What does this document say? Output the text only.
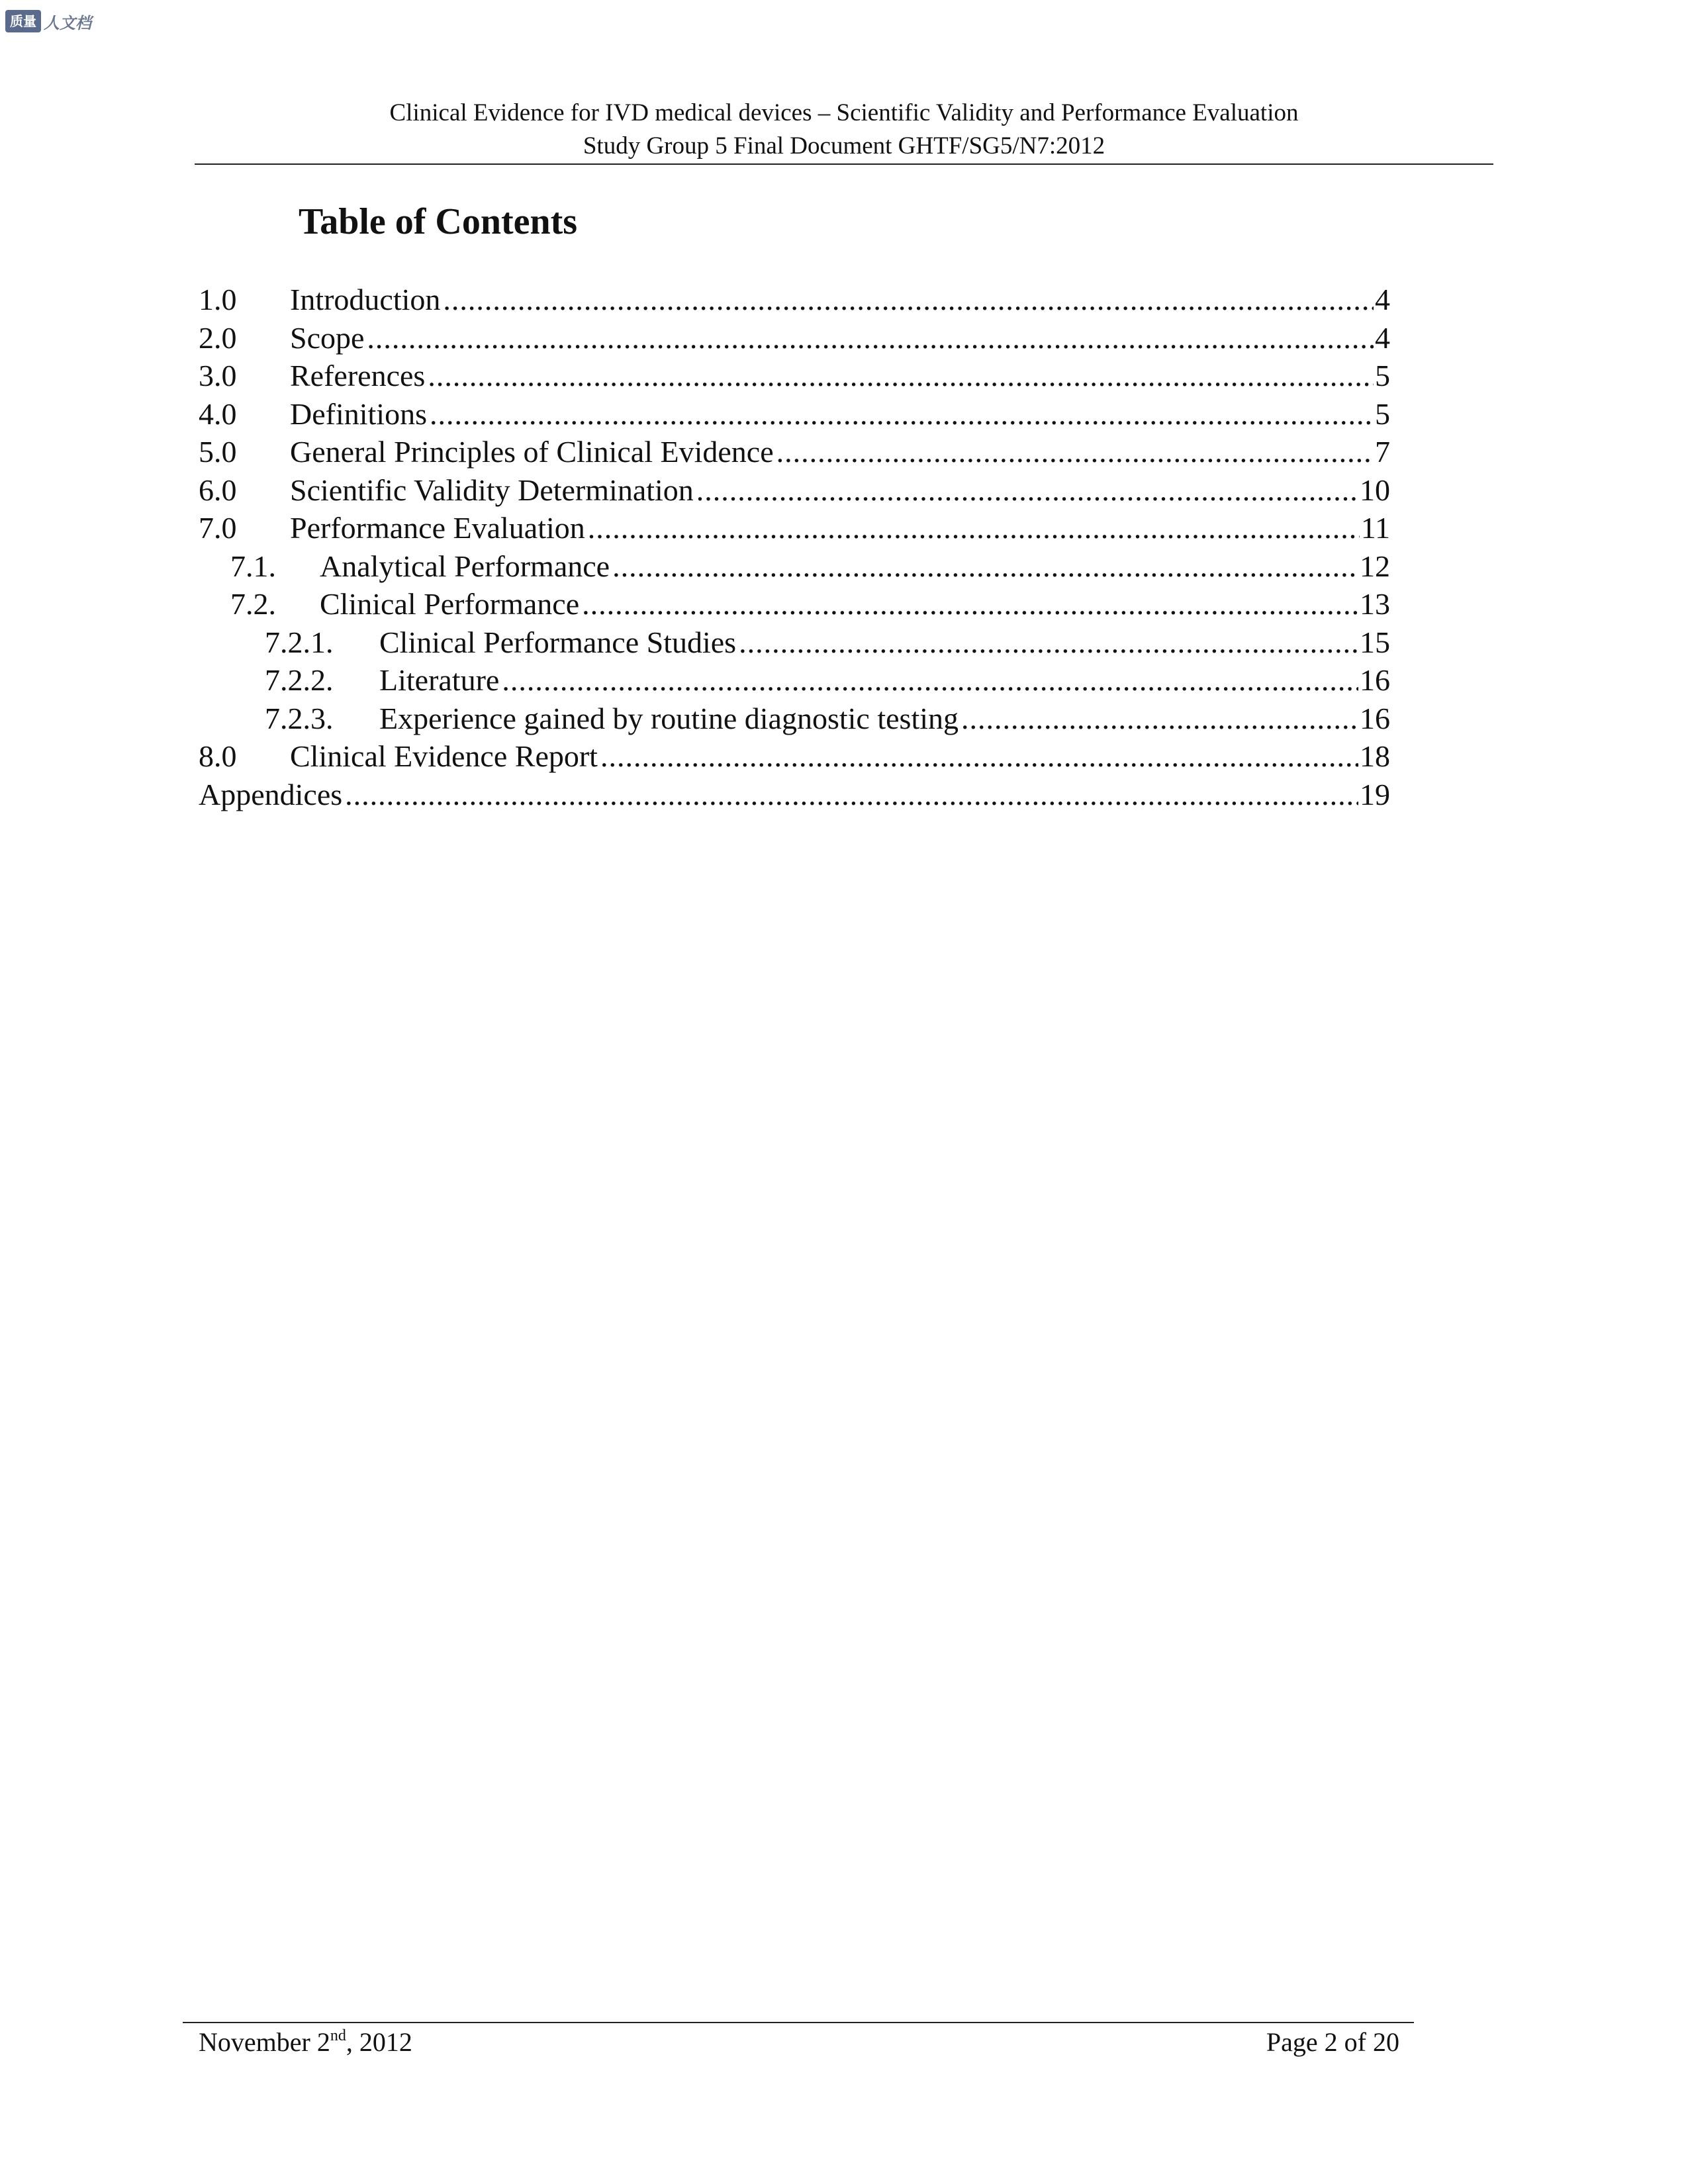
质量 人文档
Clinical Evidence for IVD medical devices – Scientific Validity and Performance Evaluation
Study Group 5 Final Document GHTF/SG5/N7:2012
Table of Contents
1.0	Introduction .....	4
2.0	Scope .....	4
3.0	References .....	5
4.0	Definitions .....	5
5.0	General Principles of Clinical Evidence .....	7
6.0	Scientific Validity Determination .....	10
7.0	Performance Evaluation .....	11
7.1.	Analytical Performance .....	12
7.2.	Clinical Performance .....	13
7.2.1.	Clinical Performance Studies .....	15
7.2.2.	Literature .....	16
7.2.3.	Experience gained by routine diagnostic testing .....	16
8.0	Clinical Evidence Report .....	18
Appendices .....	19
November 2nd, 2012	Page 2 of 20
